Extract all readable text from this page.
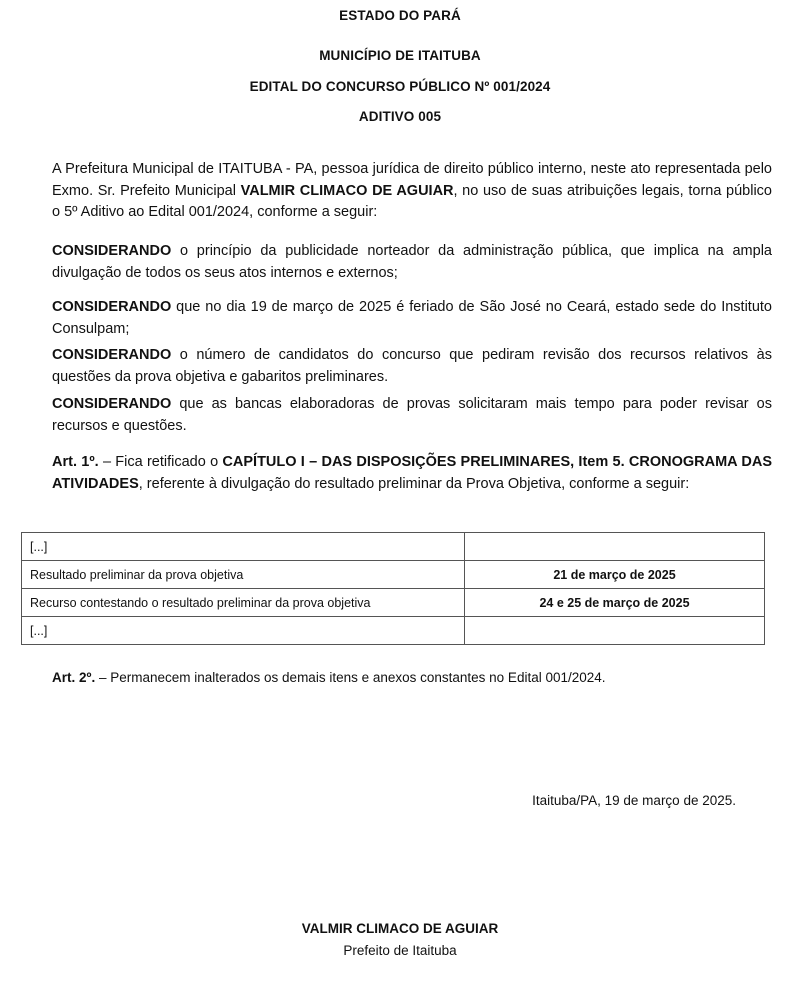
ESTADO DO PARÁ
MUNICÍPIO DE ITAITUBA
EDITAL DO CONCURSO PÚBLICO Nº 001/2024
ADITIVO 005

A Prefeitura Municipal de ITAITUBA - PA, pessoa jurídica de direito público interno, neste ato representada pelo Exmo. Sr. Prefeito Municipal VALMIR CLIMACO DE AGUIAR, no uso de suas atribuições legais, torna público o 5º Aditivo ao Edital 001/2024, conforme a seguir:

CONSIDERANDO o princípio da publicidade norteador da administração pública, que implica na ampla divulgação de todos os seus atos internos e externos;

CONSIDERANDO que no dia 19 de março de 2025 é feriado de São José no Ceará, estado sede do Instituto Consulpam;

CONSIDERANDO o número de candidatos do concurso que pediram revisão dos recursos relativos às questões da prova objetiva e gabaritos preliminares.

CONSIDERANDO que as bancas elaboradoras de provas solicitaram mais tempo para poder revisar os recursos e questões.

Art. 1º. – Fica retificado o CAPÍTULO I – DAS DISPOSIÇÕES PRELIMINARES, Item 5. CRONOGRAMA DAS ATIVIDADES, referente à divulgação do resultado preliminar da Prova Objetiva, conforme a seguir:

[...]	
Resultado preliminar da prova objetiva	21 de março de 2025
Recurso contestando o resultado preliminar da prova objetiva	24 e 25 de março de 2025
[...]	

Art. 2º. – Permanecem inalterados os demais itens e anexos constantes no Edital 001/2024.

Itaituba/PA, 19 de março de 2025.
VALMIR CLIMACO DE AGUIAR
Prefeito de Itaituba
